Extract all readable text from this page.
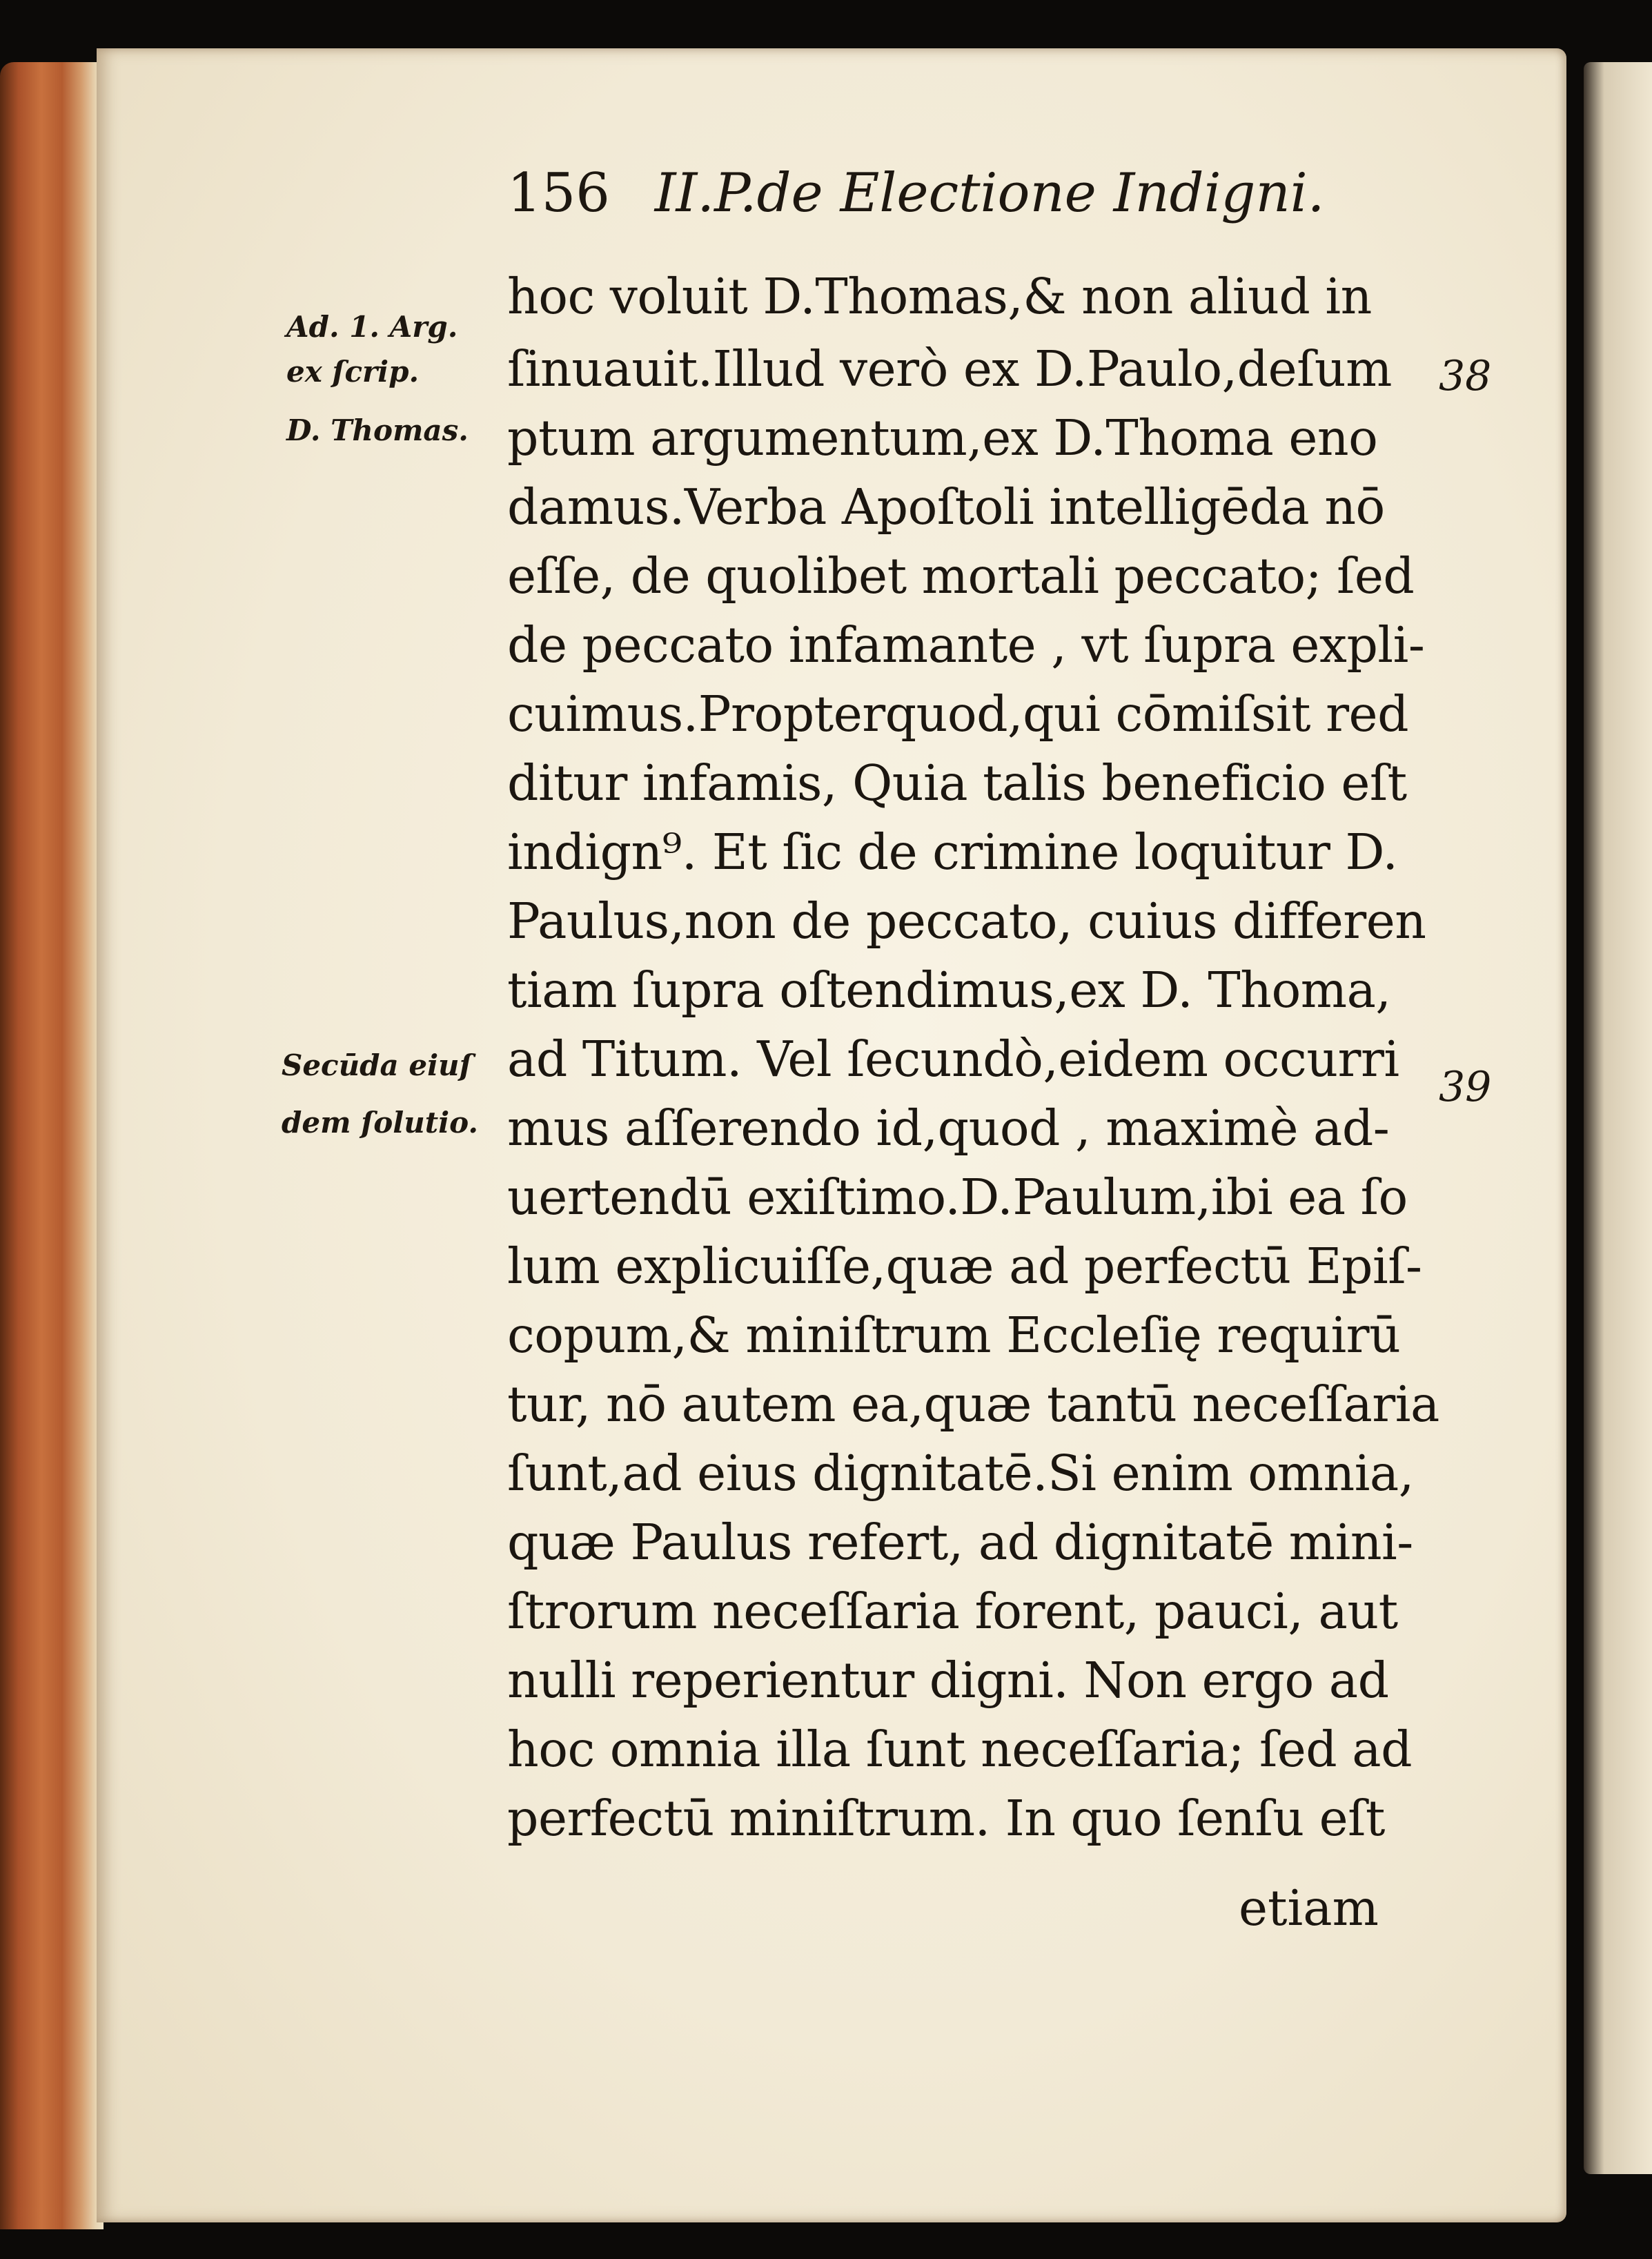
156 II.P.de Electione Indigni.
Ad. 1. Arg.
ex ſcrip.
D. Thomas.
Secūda eiuſ
dem ſolutio.
38
39
hoc voluit D.Thomas,& non aliud in
ſinuauit.Illud verò ex D.Paulo,deſum
ptum argumentum,ex D.Thoma eno
damus.Verba Apoſtoli intelligēda nō
eſſe, de quolibet mortali peccato; ſed
de peccato infamante , vt ſupra expli-
cuimus.Propterquod,qui cōmiſsit red
ditur infamis, Quia talis beneficio eſt
indign⁹. Et ſic de crimine loquitur D.
Paulus,non de peccato, cuius differen
tiam ſupra oſtendimus,ex D. Thoma,
ad Titum. Vel ſecundò,eidem occurri
mus aſſerendo id,quod , maximè ad-
uertendū exiſtimo.D.Paulum,ibi ea ſo
lum explicuiſſe,quæ ad perfectū Epiſ-
copum,& miniſtrum Eccleſię requirū
tur, nō autem ea,quæ tantū neceſſaria
ſunt,ad eius dignitatē.Si enim omnia,
quæ Paulus refert, ad dignitatē mini-
ſtrorum neceſſaria forent, pauci, aut
nulli reperientur digni. Non ergo ad
hoc omnia illa ſunt neceſſaria; ſed ad
perfectū miniſtrum. In quo ſenſu eſt
etiam
